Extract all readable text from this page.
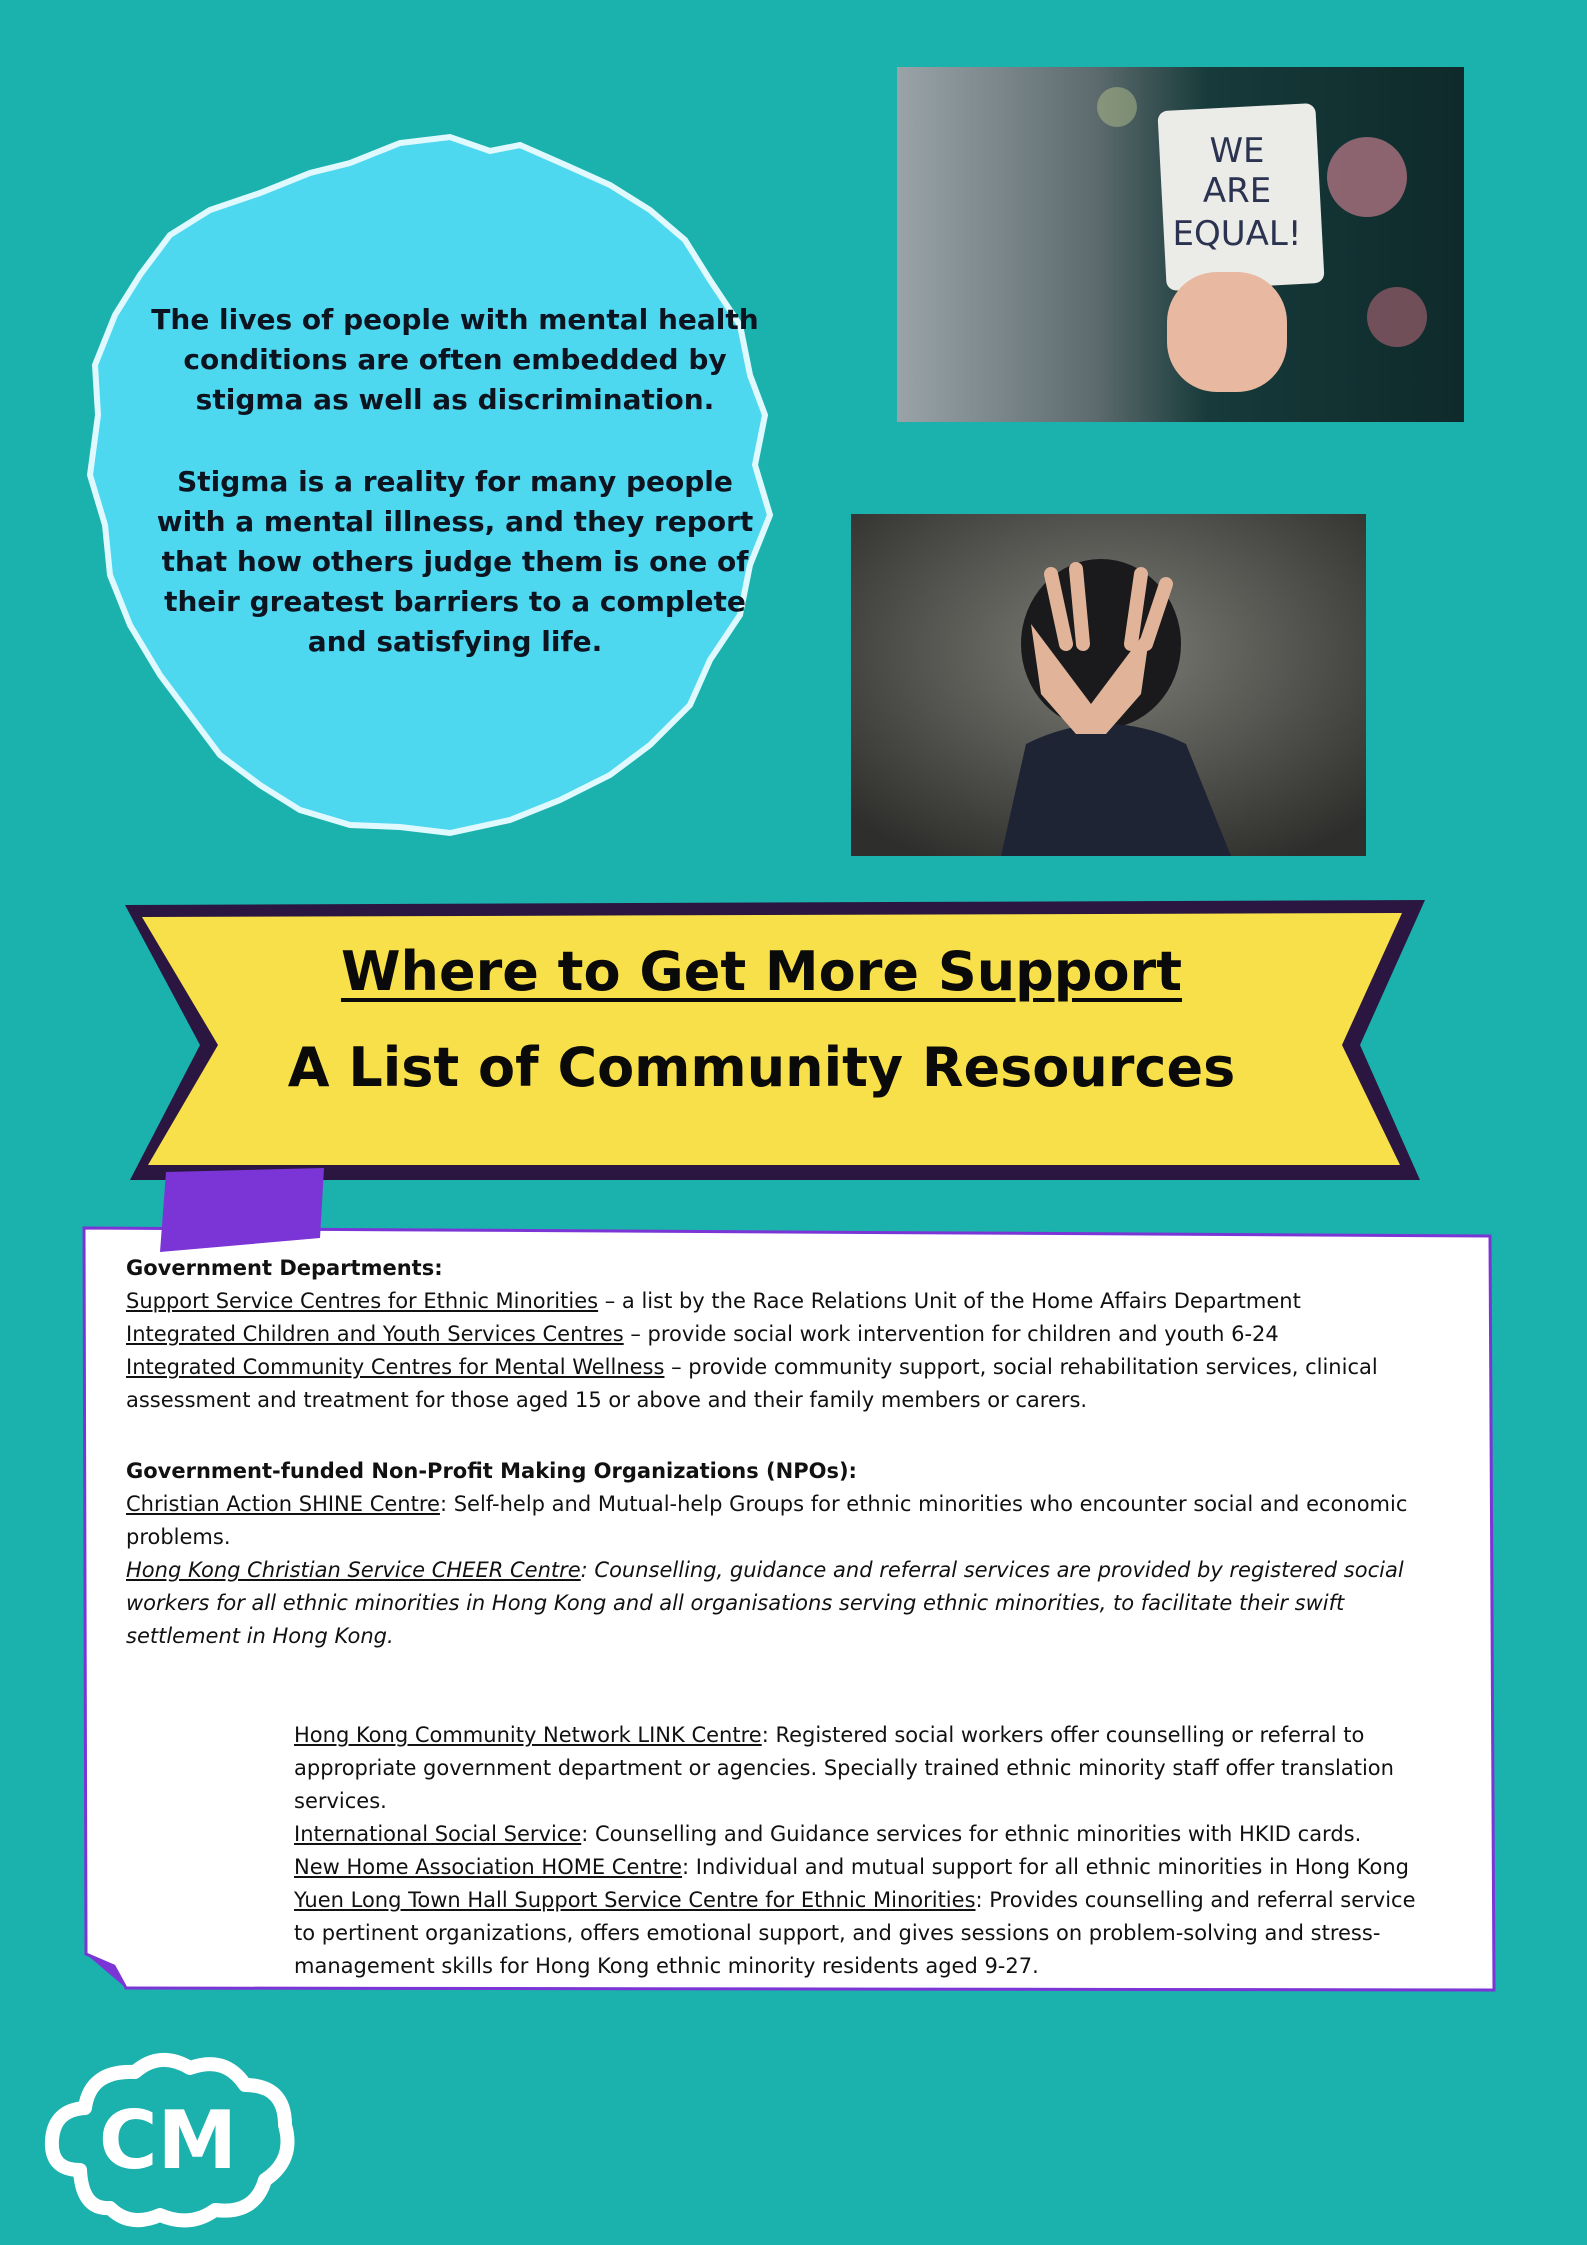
The lives of people with mental health conditions are often embedded by stigma as well as discrimination.

Stigma is a reality for many people with a mental illness, and they report that how others judge them is one of their greatest barriers to a complete and satisfying life.

WE
ARE
EQUAL!
Where to Get More Support
A List of Community Resources

Government Departments:

Support Service Centres for Ethnic Minorities – a list by the Race Relations Unit of the Home Affairs Department

Integrated Children and Youth Services Centres – provide social work intervention for children and youth 6-24

Integrated Community Centres for Mental Wellness – provide community support, social rehabilitation services, clinical assessment and treatment for those aged 15 or above and their family members or carers.

Government-funded Non-Profit Making Organizations (NPOs):

Christian Action SHINE Centre: Self-help and Mutual-help Groups for ethnic minorities who encounter social and economic problems.

Hong Kong Christian Service CHEER Centre: Counselling, guidance and referral services are provided by registered social workers for all ethnic minorities in Hong Kong and all organisations serving ethnic minorities, to facilitate their swift settlement in Hong Kong.

Hong Kong Community Network LINK Centre: Registered social workers offer counselling or referral to appropriate government department or agencies. Specially trained ethnic minority staff offer translation services.

International Social Service: Counselling and Guidance services for ethnic minorities with HKID cards.

New Home Association HOME Centre: Individual and mutual support for all ethnic minorities in Hong Kong

Yuen Long Town Hall Support Service Centre for Ethnic Minorities: Provides counselling and referral service to pertinent organizations, offers emotional support, and gives sessions on problem-solving and stress-management skills for Hong Kong ethnic minority residents aged 9-27.

CM
